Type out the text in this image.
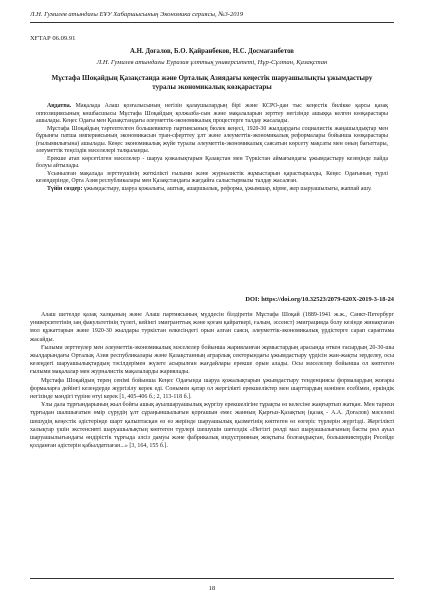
Л.Н. Гумилев атындағы ЕҰУ Хабаршысының Экономика сериясы, №3-2019
ХҒТАР 06.09.91
А.Н. Доғалов, Б.О. Қайранбеков, Н.С. Досмағанбетов
Л.Н. Гумилев атындағы Еуразия ұлттық университеті, Нұр-Сұлтан, Қазақстан
Мұстафа Шоқайдың Қазақстанда және Орталық Азиядағы кеңестік шаруашылықты ұжымдастыру туралы экономикалық көзқарастары

Аңдатпа. Мақалада Алаш қозғалысының негізін қалаушылардың бірі және КСРО-дан тыс кеңестік билікке қарсы қазақ оппозициясының көшбасшысы Мұстафа Шоқайдың қолжазба-сын және мақалаларын зерттеу негізінде ашыққа келген көзқарастары ашылады. Кеңес Одағы мен Қазақстандағы әлеуметтік-экономикалық процестерге талдау жасалады.

Мұстафа Шоқайдың тәртептелген большевиктер партиясының бюлек кеңесі, 1920-30 жылдардағы социалистік жаңашылдықтар мен бұрынғы патша империясының экономикасын тран-сферттеу ұлт және әлеуметтік-экономикалық реформалары бойынша көзқарастары (ғылымилығына) ашылады. Кеңес экономикалық жүйе туралы әлеуметтік-экономикалық саясатын көрсету мақсаты мен оның бағыттары, әлеуметтік теңсіздік мәселелері талқыланды.

Ерекше атап көрсетілген мәселелер - шаруа қожалықтарын Қазақстан мен Түркістан аймағындағы ұжымдастыру кезеңінде пайда болуы айтылады.

Ұсынылған мақалада зерттеушінің жеткілікті ғылыми және журналистік жұмыстарын қарастырылды, Кеңес Одағының түрлі кезеңдерінде, Орта Азия республикалары мен Қазақстандағы жағдайға салыстырмалы талдау жасалған.

Түйін сөздер: ұжымдастыру, шаруа қожалығы, аштық, ашаршылық, реформа, ұжымшар, кірме, жер шаруашылығы, жаппай ашу.

DOI: https://doi.org/10.32523/2079-620X-2019-3-18-24

Алаш шетелде қазақ халқының және Алаш партиясының мүддесін білдіретін Мұстафа Шоқай (1889-1941 ж.ж., Санкт-Петербург университетінің заң факультетінің түлегі, кейінгі эмигранттық және қоғам қайраткері, ғалым, эссеист) эмиграцияда болу кезінде жинақтаған мол құжаттарын және 1920-30 жылдары туркістан өлкесіндегі орын алған саяси, әлеуметтік-экономикалық үрдістерге сарап сараптама жасайды.

Ғылыми зерттеулер мен әлеуметтік-экономикалық мәселелер бойынша жарияланған жұмыстардың арасында өткен ғасырдың 20-30-шы жылдарындағы Орталық Азия республикалары және Қазақстанның аграрлық секторындағы ұжымдастыру үрдісін жан-жақты зерделеу, осы кезеңдегі шаруашылықтардың тәсілдерімен жүзеге асырылған жағдайлары ерекше орын алады. Осы мәселелер бойынша ол көптеген ғылыми мақалалар мен журналистік мақалаларды жариялады.

Мұстафа Шоқайдың терең сенімі бойынша Кеңес Одағында шаруа қожалықтарын ұжымдастыру тенденциясы формалардың жоғары формаларға дейінгі кезеңдерде жүргізілу керек еді. Сонымен қатар ол жергілікті ерекшеліктер мен шарттардың мәнінен есебімен, еркіндік негізінде мәндігі түріне өтуі керек [1, 405-406 б.; 2, 113-118 б.].

Ұлы дала тұрғындарының жыл бойғы ашық ауылшаруашылық жүргізу ерекшелігіне тұрақты өз келесіне жаңғыртып жатқан. Мен тарихи тұрғыдан шалшығатын өмір сүрудің ұлт сұраңыншылығын қорғашын емес жанның Қырғыз-Қазақтың (қазақ - А.А. Доғалов) мәселені шешудің кеңестік әдістерінде шарт қалыптасқан өз өз жерінде шаруашылық қызметінің көптеген өз өзгеріс түрлерін жүргізді. Жергілікті халықтар үшін экстенсивті шаруашылықтың көптеген түрлері шешушін шетелдік «Негізгі рөлді мал шаруашылығының басты рөл ауыл шаруашылығындағы өндірістік тұрғыда әлсіз дамуы және фабрикалық индустрияның жоқтығы болғандықтан, большевиктердің Ресейде қолданған әдістерін қабылдатпаған...» [3, 164, 155 б.].

18
